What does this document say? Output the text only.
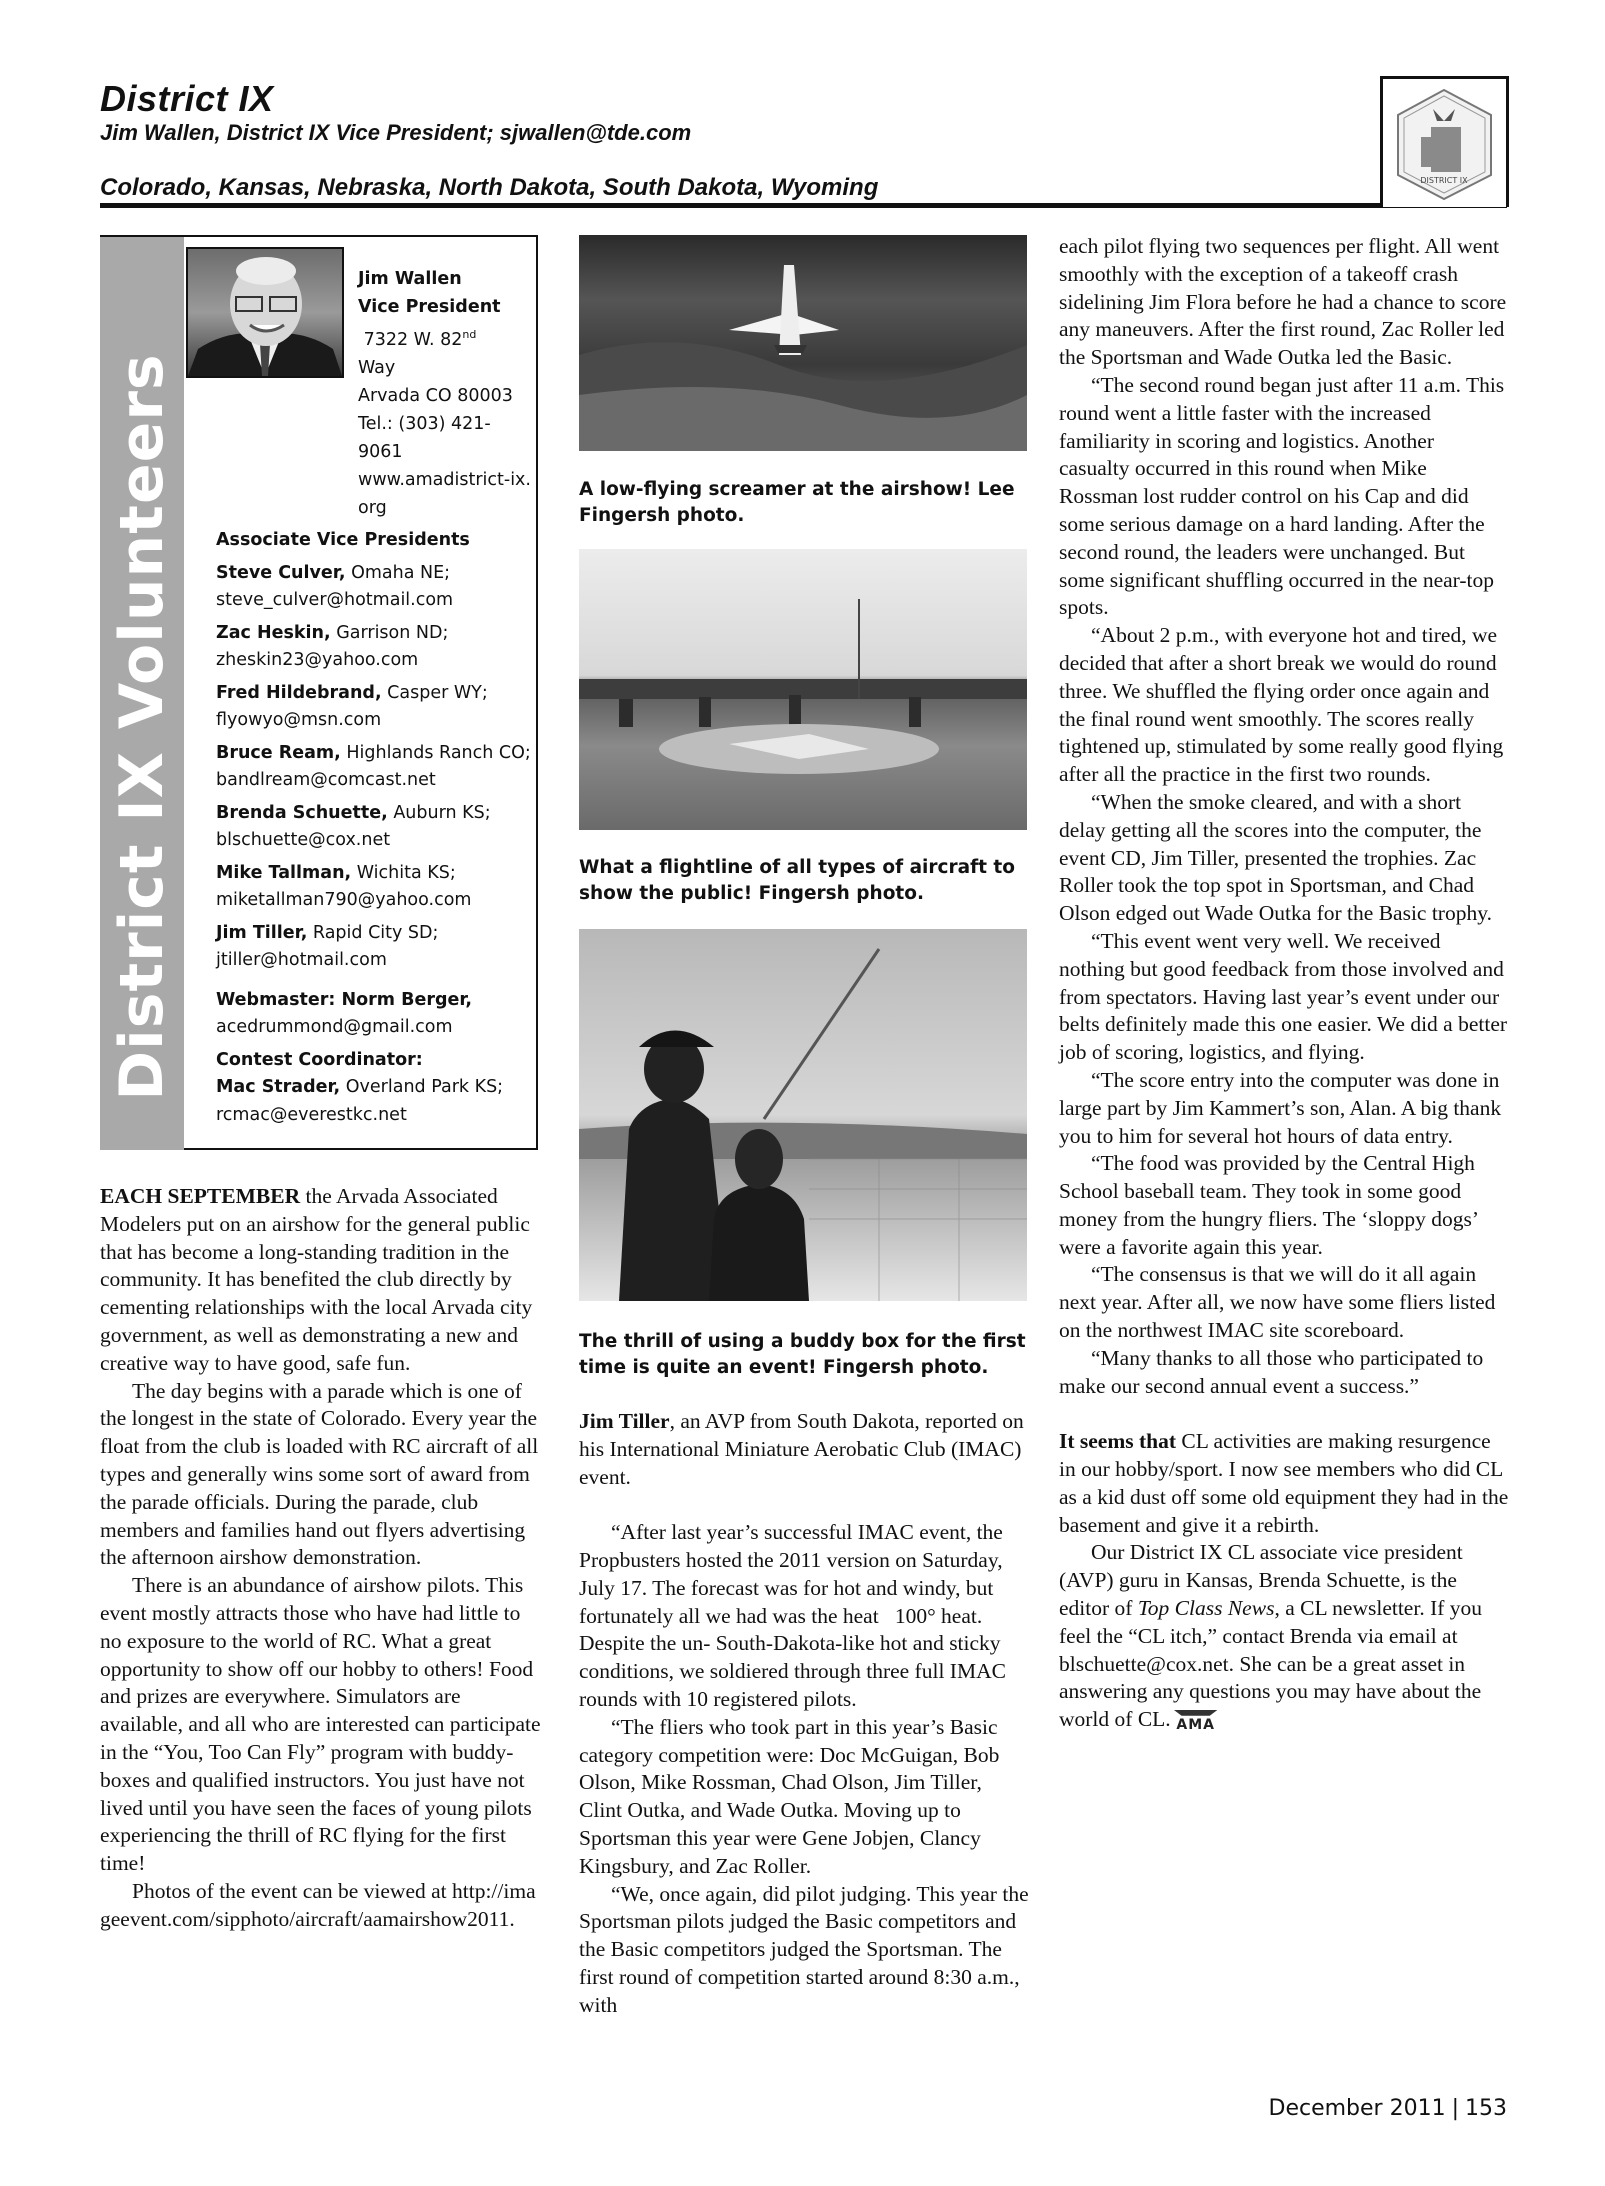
District IX
Jim Wallen, District IX Vice President; sjwallen@tde.com
Colorado, Kansas, Nebraska, North Dakota, South Dakota, Wyoming	DISTRICT IX
District IX Volunteers
Jim Wallen
Vice President
7322 W. 82nd
Way
Arvada CO 80003
Tel.: (303) 421-9061
www.amadistrict-ix.org
Associate Vice Presidents
Steve Culver, Omaha NE; steve_culver@hotmail.com
Zac Heskin, Garrison ND; zheskin23@yahoo.com
Fred Hildebrand, Casper WY; flyowyo@msn.com
Bruce Ream, Highlands Ranch CO; bandlream@comcast.net
Brenda Schuette, Auburn KS; blschuette@cox.net
Mike Tallman, Wichita KS; miketallman790@yahoo.com
Jim Tiller, Rapid City SD; jtiller@hotmail.com
Webmaster: Norm Berger,
acedrummond@gmail.com
Contest Coordinator:
Mac Strader, Overland Park KS; rcmac@everestkc.net

EACH SEPTEMBER the Arvada Associated Modelers put on an airshow for the general public that has become a long-standing tradition in the community. It has benefited the club directly by cementing relationships with the local Arvada city government, as well as demonstrating a new and creative way to have good, safe fun.

The day begins with a parade which is one of the longest in the state of Colorado. Every year the float from the club is loaded with RC aircraft of all types and generally wins some sort of award from the parade officials. During the parade, club members and families hand out flyers advertising the afternoon airshow demonstration.

There is an abundance of airshow pilots. This event mostly attracts those who have had little to no exposure to the world of RC. What a great opportunity to show off our hobby to others! Food and prizes are everywhere. Simulators are available, and all who are interested can participate in the “You, Too Can Fly” program with buddy-boxes and qualified instructors. You just have not lived until you have seen the faces of young pilots experiencing the thrill of RC flying for the first time!

Photos of the event can be viewed at http://imageevent.com/sipphoto/aircraft/aamairshow2011.

A low-flying screamer at the airshow! Lee Fingersh photo.
What a flightline of all types of aircraft to show the public! Fingersh photo.
The thrill of using a buddy box for the first time is quite an event! Fingersh photo.

Jim Tiller, an AVP from South Dakota, reported on his International Miniature Aerobatic Club (IMAC) event.

“After last year’s successful IMAC event, the Propbusters hosted the 2011 version on Saturday, July 17. The forecast was for hot and windy, but fortunately all we had was the heat   100° heat. Despite the un- South-Dakota-like hot and sticky conditions, we soldiered through three full IMAC rounds with 10 registered pilots.

“The fliers who took part in this year’s Basic category competition were: Doc McGuigan, Bob Olson, Mike Rossman, Chad Olson, Jim Tiller, Clint Outka, and Wade Outka. Moving up to Sportsman this year were Gene Jobjen, Clancy Kingsbury, and Zac Roller.

“We, once again, did pilot judging. This year the Sportsman pilots judged the Basic competitors and the Basic competitors judged the Sportsman. The first round of competition started around 8:30 a.m., with

each pilot flying two sequences per flight. All went smoothly with the exception of a takeoff crash sidelining Jim Flora before he had a chance to score any maneuvers. After the first round, Zac Roller led the Sportsman and Wade Outka led the Basic.

“The second round began just after 11 a.m. This round went a little faster with the increased familiarity in scoring and logistics. Another casualty occurred in this round when Mike Rossman lost rudder control on his Cap and did some serious damage on a hard landing. After the second round, the leaders were unchanged. But some significant shuffling occurred in the near-top spots.

“About 2 p.m., with everyone hot and tired, we decided that after a short break we would do round three. We shuffled the flying order once again and the final round went smoothly. The scores really tightened up, stimulated by some really good flying after all the practice in the first two rounds.

“When the smoke cleared, and with a short delay getting all the scores into the computer, the event CD, Jim Tiller, presented the trophies. Zac Roller took the top spot in Sportsman, and Chad Olson edged out Wade Outka for the Basic trophy.

“This event went very well. We received nothing but good feedback from those involved and from spectators. Having last year’s event under our belts definitely made this one easier. We did a better job of scoring, logistics, and flying.

“The score entry into the computer was done in large part by Jim Kammert’s son, Alan. A big thank you to him for several hot hours of data entry.

“The food was provided by the Central High School baseball team. They took in some good money from the hungry fliers. The ‘sloppy dogs’ were a favorite again this year.

“The consensus is that we will do it all again next year. After all, we now have some fliers listed on the northwest IMAC site scoreboard.

“Many thanks to all those who participated to make our second annual event a success.”

It seems that CL activities are making resurgence in our hobby/sport. I now see members who did CL as a kid dust off some old equipment they had in the basement and give it a rebirth.

Our District IX CL associate vice president (AVP) guru in Kansas, Brenda Schuette, is the editor of Top Class News, a CL newsletter. If you feel the “CL itch,” contact Brenda via email at blschuette@cox.net. She can be a great asset in answering any questions you may have about the world of CL. AMA

December 2011 | 153
